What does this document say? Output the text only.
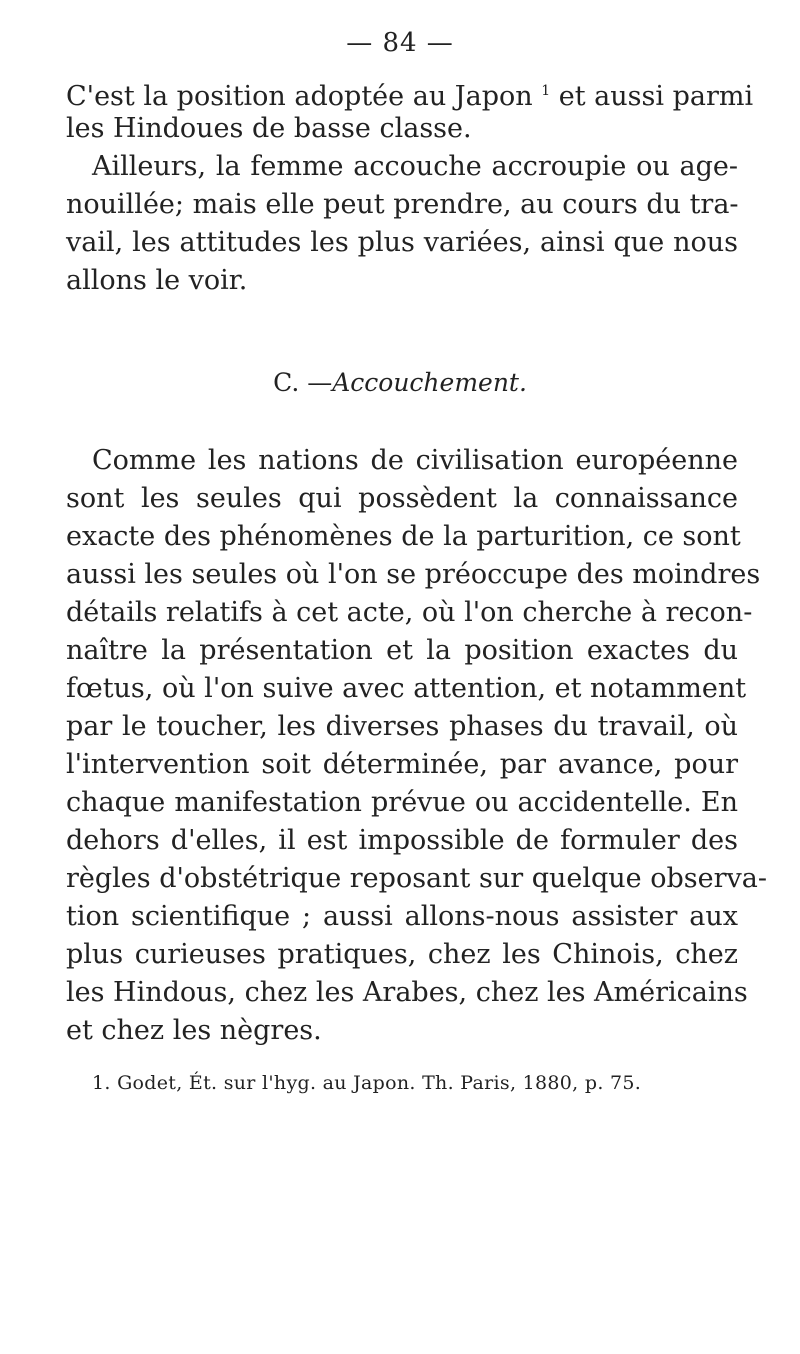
— 84 —
C'est la position adoptée au Japon $^1$ et aussi parmi
les Hindoues de basse classe.
Ailleurs, la femme accouche accroupie ou age-
nouillée; mais elle peut prendre, au cours du tra-
vail, les attitudes les plus variées, ainsi que nous
allons le voir.
C. —Accouchement.
Comme les nations de civilisation européenne
sont les seules qui possèdent la connaissance
exacte des phénomènes de la parturition, ce sont
aussi les seules où l'on se préoccupe des moindres
détails relatifs à cet acte, où l'on cherche à recon-
naître la présentation et la position exactes du
fœtus, où l'on suive avec attention, et notamment
par le toucher, les diverses phases du travail, où
l'intervention soit déterminée, par avance, pour
chaque manifestation prévue ou accidentelle. En
dehors d'elles, il est impossible de formuler des
règles d'obstétrique reposant sur quelque observa-
tion scientifique ; aussi allons-nous assister aux
plus curieuses pratiques, chez les Chinois, chez
les Hindous, chez les Arabes, chez les Américains
et chez les nègres.
1. Godet, Ét. sur l'hyg. au Japon. Th. Paris, 1880, p. 75.
